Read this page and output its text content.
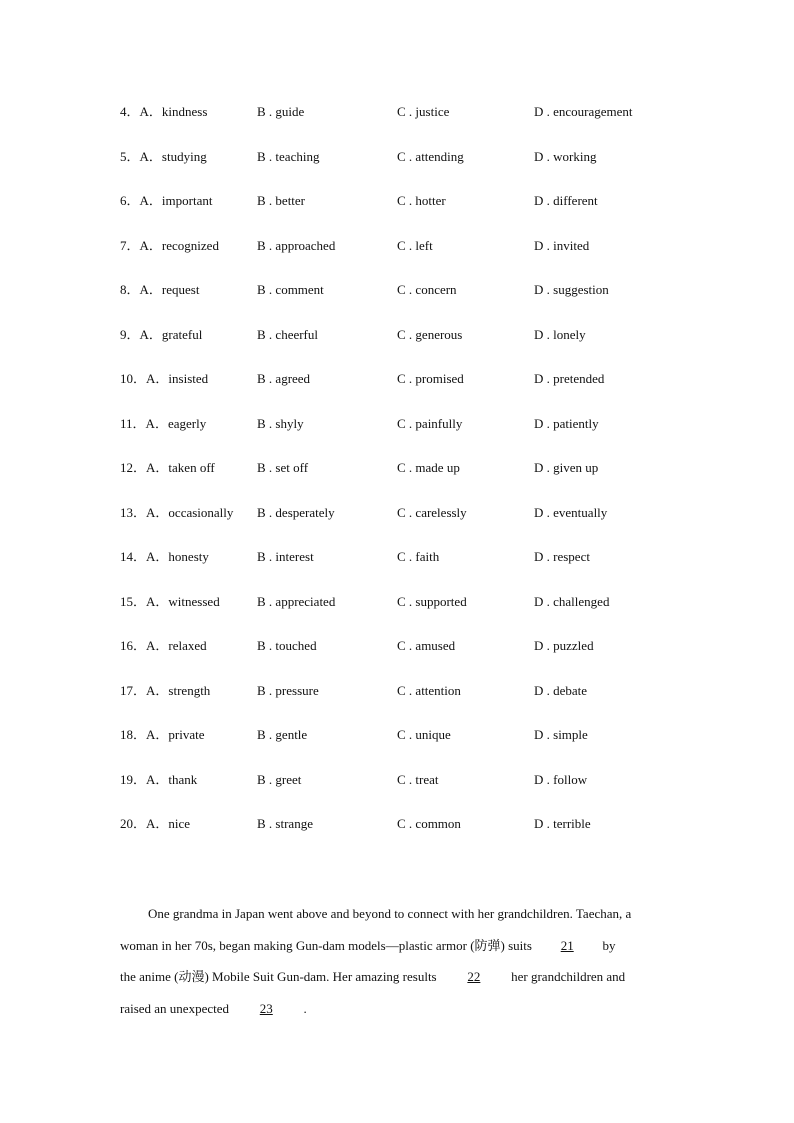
4．A．kindness	B . guide	C . justice	D . encouragement
5．A．studying	B . teaching	C . attending	D . working
6．A．important	B . better	C . hotter	D . different
7．A．recognized	B . approached	C . left	D . invited
8．A．request	B . comment	C . concern	D . suggestion
9．A．grateful	B . cheerful	C . generous	D . lonely
10．A．insisted	B . agreed	C . promised	D . pretended
11．A．eagerly	B . shyly	C . painfully	D . patiently
12．A．taken off	B . set off	C . made up	D . given up
13．A．occasionally B . desperately	C . carelessly	D . eventually
14．A．honesty	B . interest	C . faith	D . respect
15．A．witnessed	B . appreciated	C . supported	D . challenged
16．A．relaxed	B . touched	C . amused	D . puzzled
17．A．strength	B . pressure	C . attention	D . debate
18．A．private	B . gentle	C . unique	D . simple
19．A．thank	B . greet	C . treat	D . follow
20．A．nice	B . strange	C . common	D . terrible
One grandma in Japan went above and beyond to connect with her grandchildren. Taechan, a
woman in her 70s, began making Gun-dam models—plastic armor (防弹) suits 21 by
the anime (动漫) Mobile Suit Gun-dam. Her amazing results 22 her grandchildren and
raised an unexpected 23 .
